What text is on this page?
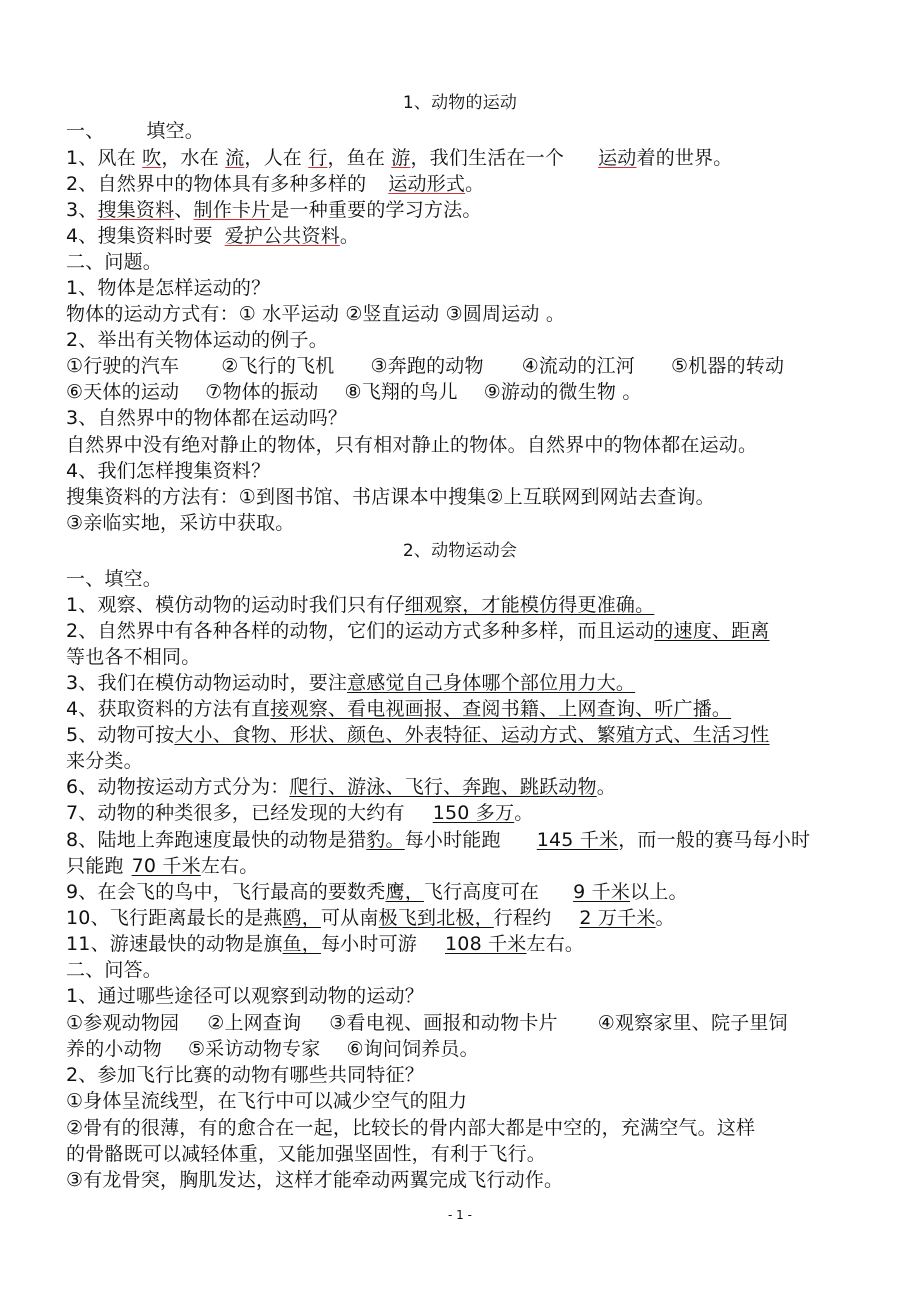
1、动物的运动
一、 填空。
1、风在 吹，水在 流，人在 行，鱼在 游，我们生活在一个 运动着的世界。
2、自然界中的物体具有多种多样的 运动形式。
3、搜集资料、制作卡片是一种重要的学习方法。
4、搜集资料时要 爱护公共资料。
二、问题。
1、物体是怎样运动的？
物体的运动方式有：① 水平运动 ②竖直运动 ③圆周运动 。
2、举出有关物体运动的例子。
①行驶的汽车 ②飞行的飞机 ③奔跑的动物 ④流动的江河 ⑤机器的转动
⑥天体的运动 ⑦物体的振动 ⑧飞翔的鸟儿 ⑨游动的微生物 。
3、自然界中的物体都在运动吗？
自然界中没有绝对静止的物体，只有相对静止的物体。自然界中的物体都在运动。
4、我们怎样搜集资料？
搜集资料的方法有：①到图书馆、书店课本中搜集②上互联网到网站去查询。
③亲临实地，采访中获取。
2、动物运动会
一、填空。
1、观察、模仿动物的运动时我们只有仔细观察，才能模仿得更准确。
2、自然界中有各种各样的动物，它们的运动方式多种多样，而且运动的速度、距离
等也各不相同。
3、我们在模仿动物运动时，要注意感觉自己身体哪个部位用力大。
4、获取资料的方法有直接观察、看电视画报、查阅书籍、上网查询、听广播。
5、动物可按大小、食物、形状、颜色、外表特征、运动方式、繁殖方式、生活习性
来分类。
6、动物按运动方式分为：爬行、游泳、飞行、奔跑、跳跃动物。
7、动物的种类很多，已经发现的大约有 150 多万。
8、陆地上奔跑速度最快的动物是猎豹。每小时能跑 145 千米，而一般的赛马每小时
只能跑 70 千米左右。
9、在会飞的鸟中，飞行最高的要数秃鹰，飞行高度可在 9 千米以上。
10、飞行距离最长的是燕鸥，可从南极飞到北极，行程约 2 万千米。
11、游速最快的动物是旗鱼，每小时可游 108 千米左右。
二、问答。
1、通过哪些途径可以观察到动物的运动？
①参观动物园 ②上网查询 ③看电视、画报和动物卡片 ④观察家里、院子里饲
养的小动物 ⑤采访动物专家 ⑥询问饲养员。
2、参加飞行比赛的动物有哪些共同特征？
①身体呈流线型，在飞行中可以减少空气的阻力
②骨有的很薄，有的愈合在一起，比较长的骨内部大都是中空的，充满空气。这样
的骨骼既可以减轻体重，又能加强坚固性，有利于飞行。
③有龙骨突，胸肌发达，这样才能牵动两翼完成飞行动作。
- 1 -
